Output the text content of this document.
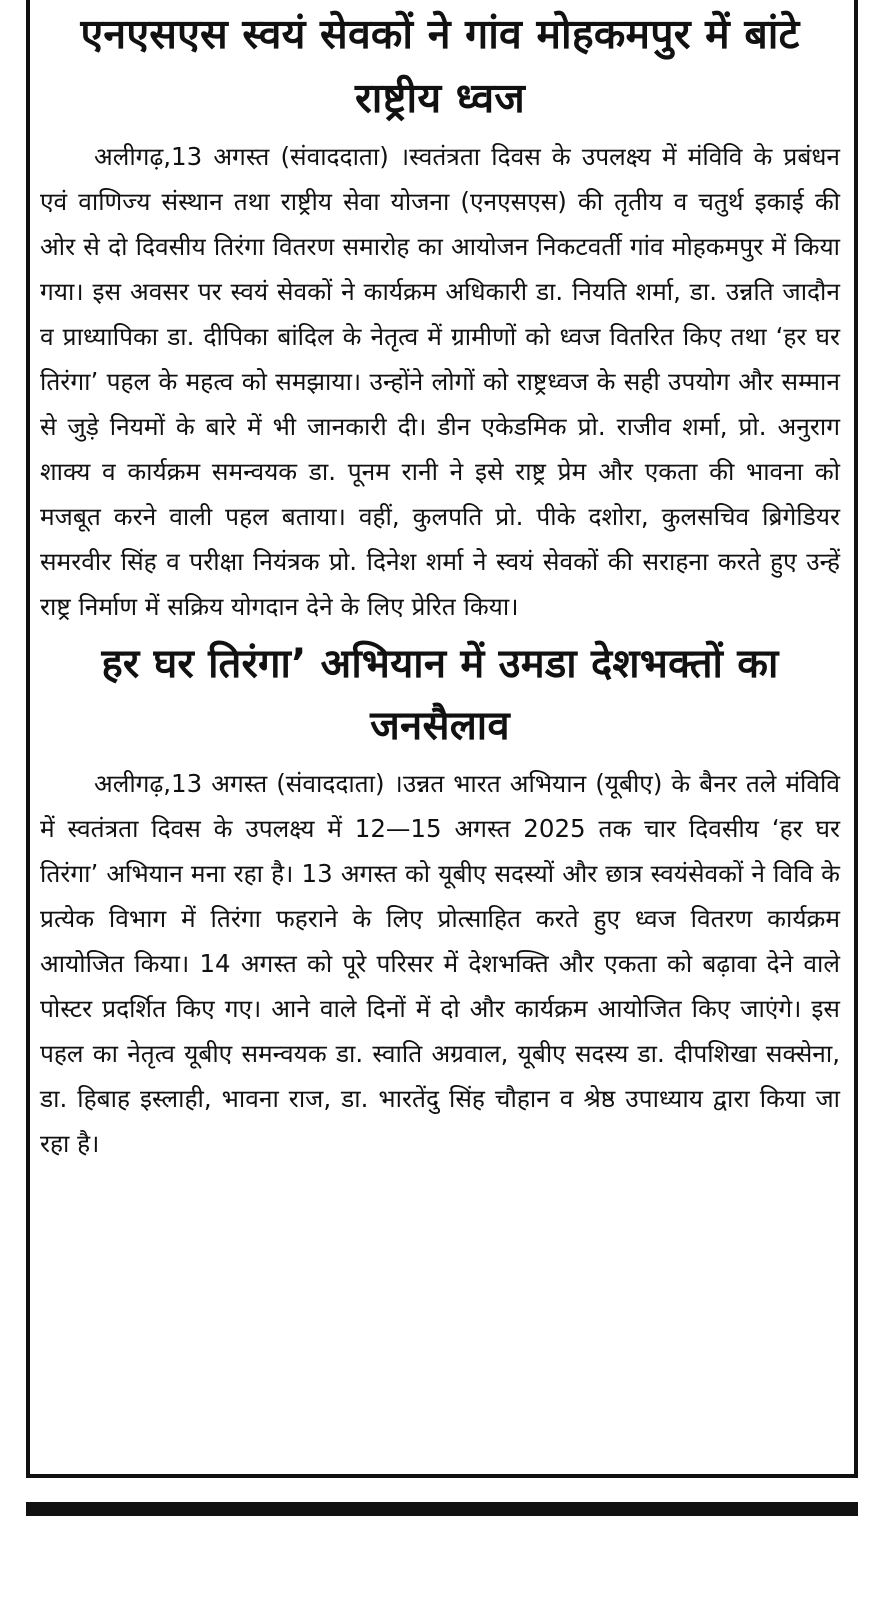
एनएसएस स्वयं सेवकों ने गांव मोहकमपुर में बांटे राष्ट्रीय ध्वज

अलीगढ़,13 अगस्त (संवाददाता) ।स्वतंत्रता दिवस के उपलक्ष्य में मंविवि के प्रबंधन एवं वाणिज्य संस्थान तथा राष्ट्रीय सेवा योजना (एनएसएस) की तृतीय व चतुर्थ इकाई की ओर से दो दिवसीय तिरंगा वितरण समारोह का आयोजन निकटवर्ती गांव मोहकमपुर में किया गया। इस अवसर पर स्वयं सेवकों ने कार्यक्रम अधिकारी डा. नियति शर्मा, डा. उन्नति जादौन व प्राध्यापिका डा. दीपिका बांदिल के नेतृत्व में ग्रामीणों को ध्वज वितरित किए तथा ‘हर घर तिरंगा’ पहल के महत्व को समझाया। उन्होंने लोगों को राष्ट्रध्वज के सही उपयोग और सम्मान से जुड़े नियमों के बारे में भी जानकारी दी। डीन एकेडमिक प्रो. राजीव शर्मा, प्रो. अनुराग शाक्य व कार्यक्रम समन्वयक डा. पूनम रानी ने इसे राष्ट्र प्रेम और एकता की भावना को मजबूत करने वाली पहल बताया। वहीं, कुलपति प्रो. पीके दशोरा, कुलसचिव ब्रिगेडियर समरवीर सिंह व परीक्षा नियंत्रक प्रो. दिनेश शर्मा ने स्वयं सेवकों की सराहना करते हुए उन्हें राष्ट्र निर्माण में सक्रिय योगदान देने के लिए प्रेरित किया।

हर घर तिरंगा’ अभियान में उमडा देशभक्तों का जनसैलाव

अलीगढ़,13 अगस्त (संवाददाता) ।उन्नत भारत अभियान (यूबीए) के बैनर तले मंविवि में स्वतंत्रता दिवस के उपलक्ष्य में 12—15 अगस्त 2025 तक चार दिवसीय ‘हर घर तिरंगा’ अभियान मना रहा है। 13 अगस्त को यूबीए सदस्यों और छात्र स्वयंसेवकों ने विवि के प्रत्येक विभाग में तिरंगा फहराने के लिए प्रोत्साहित करते हुए ध्वज वितरण कार्यक्रम आयोजित किया। 14 अगस्त को पूरे परिसर में देशभक्ति और एकता को बढ़ावा देने वाले पोस्टर प्रदर्शित किए गए। आने वाले दिनों में दो और कार्यक्रम आयोजित किए जाएंगे। इस पहल का नेतृत्व यूबीए समन्वयक डा. स्वाति अग्रवाल, यूबीए सदस्य डा. दीपशिखा सक्सेना, डा. हिबाह इस्लाही, भावना राज, डा. भारतेंदु सिंह चौहान व श्रेष्ठ उपाध्याय द्वारा किया जा रहा है।
